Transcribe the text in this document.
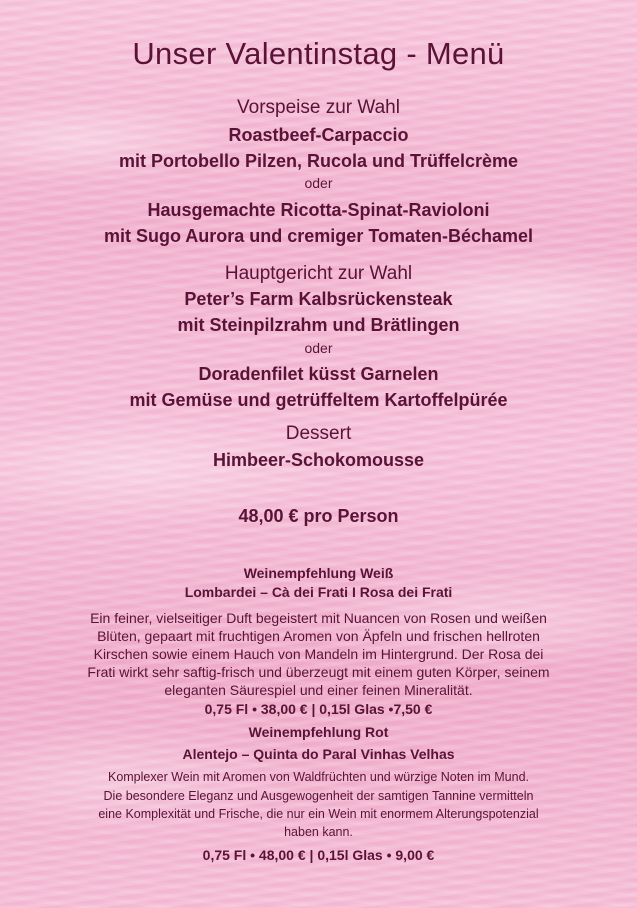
Unser Valentinstag - Menü
Vorspeise zur Wahl
Roastbeef-Carpaccio
mit Portobello Pilzen, Rucola und Trüffelcrème
oder
Hausgemachte Ricotta-Spinat-Ravioloni
mit Sugo Aurora und cremiger Tomaten-Béchamel
Hauptgericht zur Wahl
Peter’s Farm Kalbsrückensteak
mit Steinpilzrahm und Brätlingen
oder
Doradenfilet küsst Garnelen
mit Gemüse und getrüffeltem Kartoffelpürée
Dessert
Himbeer-Schokomousse
48,00 € pro Person
Weinempfehlung Weiß
Lombardei – Cà dei Frati I Rosa dei Frati
Ein feiner, vielseitiger Duft begeistert mit Nuancen von Rosen und weißen
Blüten, gepaart mit fruchtigen Aromen von Äpfeln und frischen hellroten
Kirschen sowie einem Hauch von Mandeln im Hintergrund. Der Rosa dei
Frati wirkt sehr saftig-frisch und überzeugt mit einem guten Körper, seinem
eleganten Säurespiel und einer feinen Mineralität.
0,75 Fl • 38,00 € | 0,15l Glas •7,50 €
Weinempfehlung Rot
Alentejo – Quinta do Paral Vinhas Velhas
Komplexer Wein mit Aromen von Waldfrüchten und würzige Noten im Mund.
Die besondere Eleganz und Ausgewogenheit der samtigen Tannine vermitteln
eine Komplexität und Frische, die nur ein Wein mit enormem Alterungspotenzial
haben kann.
0,75 Fl • 48,00 € | 0,15l Glas • 9,00 €
